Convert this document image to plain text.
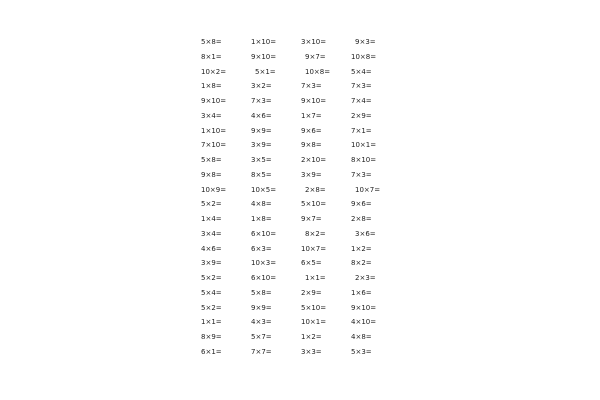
5×8=
8×1=
10×2=
1×8=
9×10=
3×4=
1×10=
7×10=
5×8=
9×8=
10×9=
5×2=
1×4=
3×4=
4×6=
3×9=
5×2=
5×4=
5×2=
1×1=
8×9=
6×1=
1×10=
9×10=
5×1=
3×2=
7×3=
4×6=
9×9=
3×9=
3×5=
8×5=
10×5=
4×8=
1×8=
6×10=
6×3=
10×3=
6×10=
5×8=
9×9=
4×3=
5×7=
7×7=
3×10=
9×7=
10×8=
7×3=
9×10=
1×7=
9×6=
9×8=
2×10=
3×9=
2×8=
5×10=
9×7=
8×2=
10×7=
6×5=
1×1=
2×9=
5×10=
10×1=
1×2=
3×3=
9×3=
10×8=
5×4=
7×3=
7×4=
2×9=
7×1=
10×1=
8×10=
7×3=
10×7=
9×6=
2×8=
3×6=
1×2=
8×2=
2×3=
1×6=
9×10=
4×10=
4×8=
5×3=
